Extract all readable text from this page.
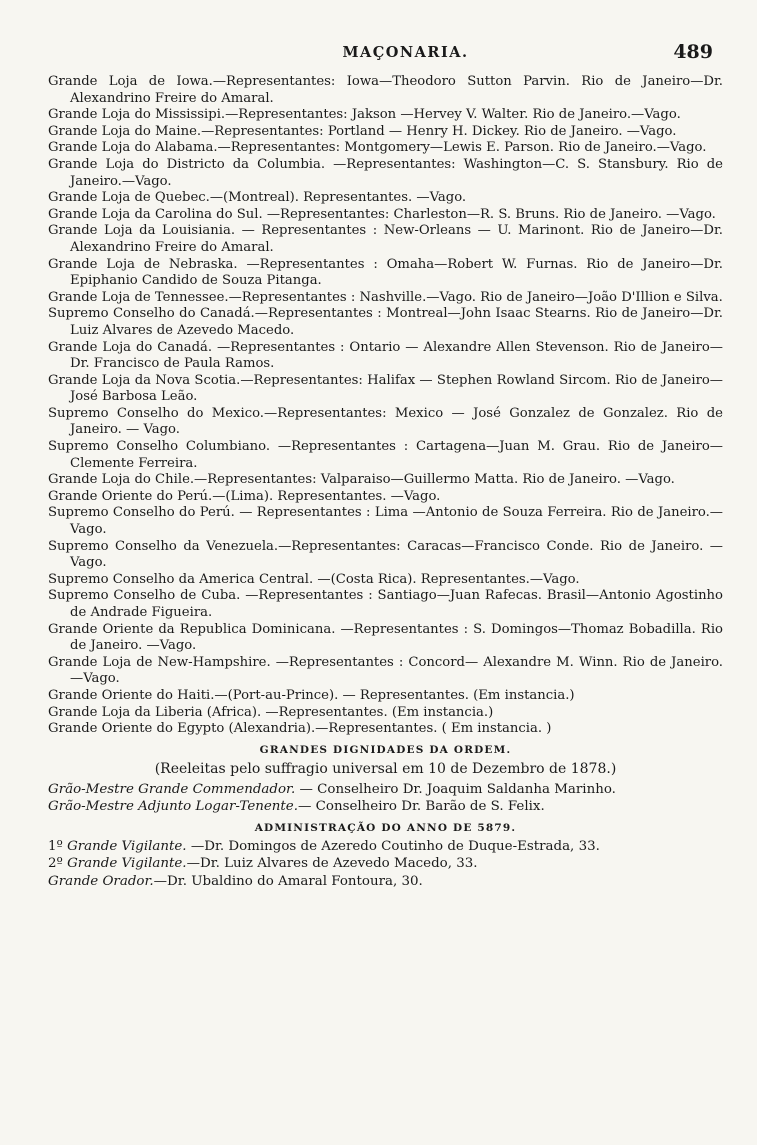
MAÇONARIA.	489

Grande Loja de Iowa.—Representantes: Iowa—Theodoro Sutton Parvin. Rio de Janeiro—Dr. Alexandrino Freire do Amaral.

Grande Loja do Mississipi.—Representantes: Jakson —Hervey V. Walter. Rio de Janeiro.—Vago.

Grande Loja do Maine.—Representantes: Portland — Henry H. Dickey. Rio de Janeiro. —Vago.

Grande Loja do Alabama.—Representantes: Montgomery—Lewis E. Parson. Rio de Janeiro.—Vago.

Grande Loja do Districto da Columbia. —Representantes: Washington—C. S. Stansbury. Rio de Janeiro.—Vago.

Grande Loja de Quebec.—(Montreal). Representantes. —Vago.

Grande Loja da Carolina do Sul. —Representantes: Charleston—R. S. Bruns. Rio de Janeiro. —Vago.

Grande Loja da Louisiania. — Representantes : New-Orleans — U. Marinont. Rio de Janeiro—Dr. Alexandrino Freire do Amaral.

Grande Loja de Nebraska. —Representantes : Omaha—Robert W. Furnas. Rio de Janeiro—Dr. Epiphanio Candido de Souza Pitanga.

Grande Loja de Tennessee.—Representantes : Nashville.—Vago. Rio de Janeiro—João D'Illion e Silva.

Supremo Conselho do Canadá.—Representantes : Montreal—John Isaac Stearns. Rio de Janeiro—Dr. Luiz Alvares de Azevedo Macedo.

Grande Loja do Canadá. —Representantes : Ontario — Alexandre Allen Stevenson. Rio de Janeiro—Dr. Francisco de Paula Ramos.

Grande Loja da Nova Scotia.—Representantes: Halifax — Stephen Rowland Sircom. Rio de Janeiro—José Barbosa Leão.

Supremo Conselho do Mexico.—Representantes: Mexico — José Gonzalez de Gonzalez. Rio de Janeiro. — Vago.

Supremo Conselho Columbiano. —Representantes : Cartagena—Juan M. Grau. Rio de Janeiro—Clemente Ferreira.

Grande Loja do Chile.—Representantes: Valparaiso—Guillermo Matta. Rio de Janeiro. —Vago.

Grande Oriente do Perú.—(Lima). Representantes. —Vago.

Supremo Conselho do Perú. — Representantes : Lima —Antonio de Souza Ferreira. Rio de Janeiro.—Vago.

Supremo Conselho da Venezuela.—Representantes: Caracas—Francisco Conde. Rio de Janeiro. — Vago.

Supremo Conselho da America Central. —(Costa Rica). Representantes.—Vago.

Supremo Conselho de Cuba. —Representantes : Santiago—Juan Rafecas. Brasil—Antonio Agostinho de Andrade Figueira.

Grande Oriente da Republica Dominicana. —Representantes : S. Domingos—Thomaz Bobadilla. Rio de Janeiro. —Vago.

Grande Loja de New-Hampshire. —Representantes : Concord— Alexandre M. Winn. Rio de Janeiro.—Vago.

Grande Oriente do Haiti.—(Port-au-Prince). — Representantes. (Em instancia.)

Grande Loja da Liberia (Africa). —Representantes. (Em instancia.)

Grande Oriente do Egypto (Alexandria).—Representantes. ( Em instancia. )

GRANDES DIGNIDADES DA ORDEM.
(Reeleitas pelo suffragio universal em 10 de Dezembro de 1878.)

Grão-Mestre Grande Commendador. — Conselheiro Dr. Joaquim Saldanha Marinho.

Grão-Mestre Adjunto Logar-Tenente.— Conselheiro Dr. Barão de S. Felix.

ADMINISTRAÇÃO DO ANNO DE 5879.

1º Grande Vigilante. —Dr. Domingos de Azeredo Coutinho de Duque-Estrada, 33.

2º Grande Vigilante.—Dr. Luiz Alvares de Azevedo Macedo, 33.

Grande Orador.—Dr. Ubaldino do Amaral Fontoura, 30.
